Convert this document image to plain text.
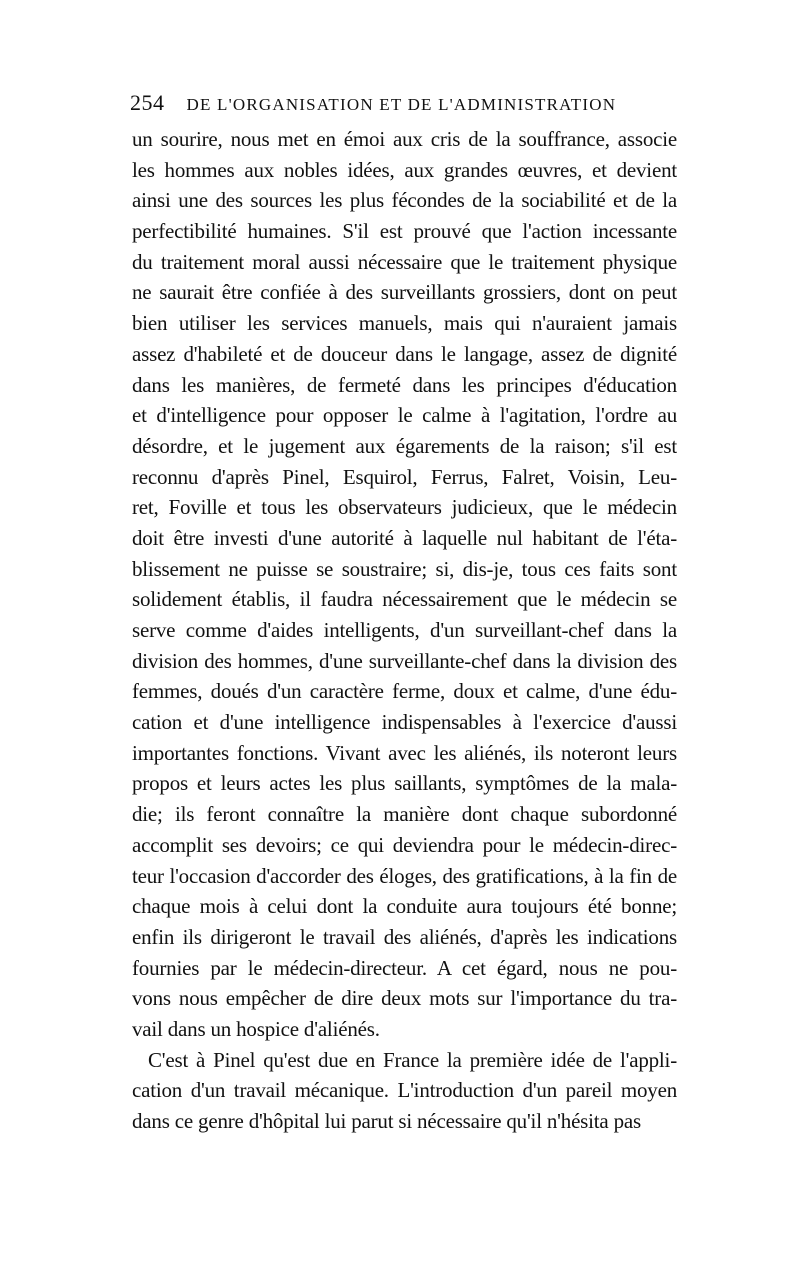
254 DE L'ORGANISATION ET DE L'ADMINISTRATION
un sourire, nous met en émoi aux cris de la souffrance, associe
les hommes aux nobles idées, aux grandes œuvres, et devient
ainsi une des sources les plus fécondes de la sociabilité et de la
perfectibilité humaines. S'il est prouvé que l'action incessante
du traitement moral aussi nécessaire que le traitement physique
ne saurait être confiée à des surveillants grossiers, dont on peut
bien utiliser les services manuels, mais qui n'auraient jamais
assez d'habileté et de douceur dans le langage, assez de dignité
dans les manières, de fermeté dans les principes d'éducation
et d'intelligence pour opposer le calme à l'agitation, l'ordre au
désordre, et le jugement aux égarements de la raison; s'il est
reconnu d'après Pinel, Esquirol, Ferrus, Falret, Voisin, Leu-
ret, Foville et tous les observateurs judicieux, que le médecin
doit être investi d'une autorité à laquelle nul habitant de l'éta-
blissement ne puisse se soustraire; si, dis-je, tous ces faits sont
solidement établis, il faudra nécessairement que le médecin se
serve comme d'aides intelligents, d'un surveillant-chef dans la
division des hommes, d'une surveillante-chef dans la division des
femmes, doués d'un caractère ferme, doux et calme, d'une édu-
cation et d'une intelligence indispensables à l'exercice d'aussi
importantes fonctions. Vivant avec les aliénés, ils noteront leurs
propos et leurs actes les plus saillants, symptômes de la mala-
die; ils feront connaître la manière dont chaque subordonné
accomplit ses devoirs; ce qui deviendra pour le médecin-direc-
teur l'occasion d'accorder des éloges, des gratifications, à la fin de
chaque mois à celui dont la conduite aura toujours été bonne;
enfin ils dirigeront le travail des aliénés, d'après les indications
fournies par le médecin-directeur. A cet égard, nous ne pou-
vons nous empêcher de dire deux mots sur l'importance du tra-
vail dans un hospice d'aliénés.
C'est à Pinel qu'est due en France la première idée de l'appli-
cation d'un travail mécanique. L'introduction d'un pareil moyen
dans ce genre d'hôpital lui parut si nécessaire qu'il n'hésita pas
